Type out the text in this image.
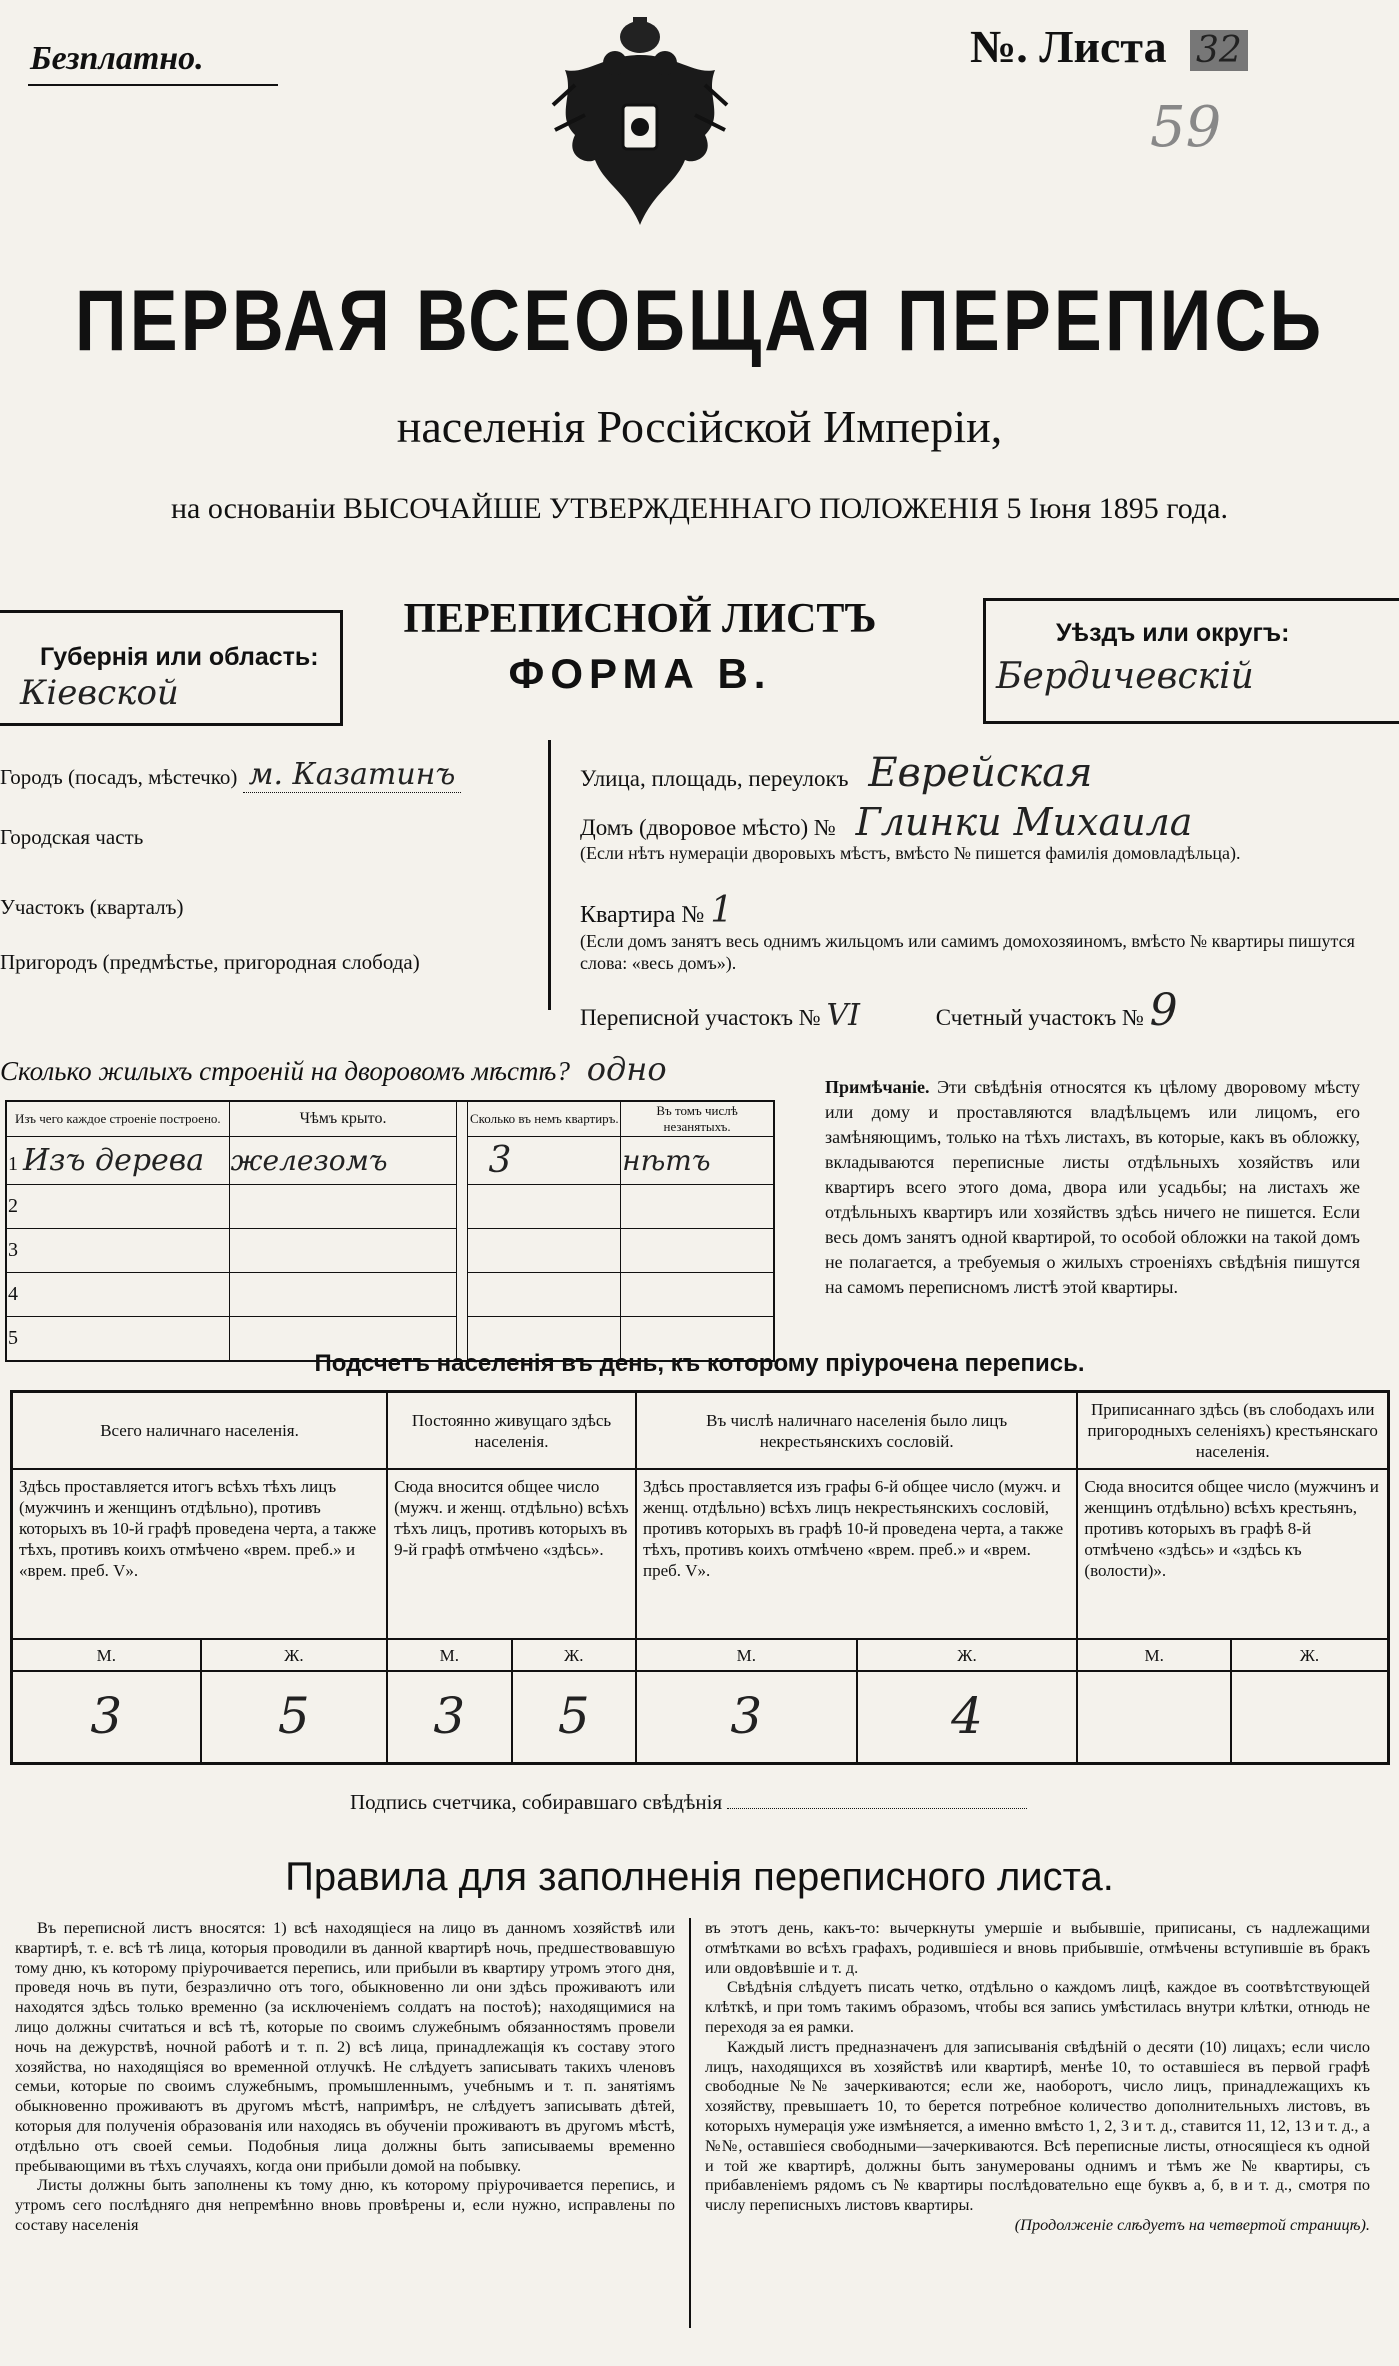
Безплатно.	№. Листа 32
59
ПЕРВАЯ ВСЕОБЩАЯ ПЕРЕПИСЬ
населенія Россійской Имперіи,
на основаніи ВЫСОЧАЙШЕ УТВЕРЖДЕННАГО ПОЛОЖЕНІЯ 5 Іюня 1895 года.
Губернія или область:
Кіевской
ПЕРЕПИСНОЙ ЛИСТЪ
ФОРМА В.
Уѣздъ или округъ:
Бердичевскій
Городъ (посадъ, мѣстечко) м. Казатинъ
Городская часть
Участокъ (кварталъ)
Пригородъ (предмѣстье, пригородная слобода)
Улица, площадь, переулокъ Еврейская
Домъ (дворовое мѣсто) № Глинки Михаила
(Если нѣтъ нумераціи дворовыхъ мѣстъ, вмѣсто № пишется фамилія домовладѣльца).
Квартира № 1
(Если домъ занятъ весь однимъ жильцомъ или самимъ домохозяиномъ, вмѣсто № квартиры пишутся слова: «весь домъ»).
Переписной участокъ № VI	Счетный участокъ № 9
Сколько жилыхъ строеній на дворовомъ мѣстѣ? одно
Изъ чего каждое строеніе построено.	Чѣмъ крыто.		Сколько въ немъ квартиръ.	Въ томъ числѣ незанятыхъ.
1 Изъ дерева	железомъ		3	нѣтъ
2				
3				
4				
5				
Примѣчаніе. Эти свѣдѣнія относятся къ цѣлому дворовому мѣсту или дому и проставляются владѣльцемъ или лицомъ, его замѣняющимъ, только на тѣхъ листахъ, въ которые, какъ въ обложку, вкладываются переписные листы отдѣльныхъ хозяйствъ или квартиръ всего этого дома, двора или усадьбы; на листахъ же отдѣльныхъ квартиръ или хозяйствъ здѣсь ничего не пишется. Если весь домъ занятъ одной квартирой, то особой обложки на такой домъ не полагается, а требуемыя о жилыхъ строеніяхъ свѣдѣнія пишутся на самомъ переписномъ листѣ этой квартиры.
Подсчетъ населенія въ день, къ которому пріурочена перепись.
Всего наличнаго населенія.		Постоянно живущаго здѣсь населенія.		Въ числѣ наличнаго населенія было лицъ некрестьянскихъ сословій.		Приписаннаго здѣсь (въ слободахъ или пригородныхъ селеніяхъ) крестьянскаго населенія.	
Здѣсь проставляется итогъ всѣхъ тѣхъ лицъ (мужчинъ и женщинъ отдѣльно), противъ которыхъ въ 10-й графѣ проведена черта, а также тѣхъ, противъ коихъ отмѣчено «врем. преб.» и «врем. преб. V».		Сюда вносится общее число (мужч. и женщ. отдѣльно) всѣхъ тѣхъ лицъ, противъ которыхъ въ 9-й графѣ отмѣчено «здѣсь».		Здѣсь проставляется изъ графы 6-й общее число (мужч. и женщ. отдѣльно) всѣхъ лицъ некрестьянскихъ сословій, противъ которыхъ въ графѣ 10-й проведена черта, а также тѣхъ, противъ коихъ отмѣчено «врем. преб.» и «врем. преб. V».		Сюда вносится общее число (мужчинъ и женщинъ отдѣльно) всѣхъ крестьянъ, противъ которыхъ въ графѣ 8-й отмѣчено «здѣсь» и «здѣсь къ (волости)».	
М.	Ж.	М.	Ж.	М.	Ж.	М.	Ж.
3	5	3	5	3	4		
Подпись счетчика, собиравшаго свѣдѣнія
Правила для заполненія переписного листа.

Въ переписной листъ вносятся: 1) всѣ находящіеся на лицо въ данномъ хозяйствѣ или квартирѣ, т. е. всѣ тѣ лица, которыя проводили въ данной квартирѣ ночь, предшествовавшую тому дню, къ которому пріурочивается перепись, или прибыли въ квартиру утромъ этого дня, проведя ночь въ пути, безразлично отъ того, обыкновенно ли они здѣсь проживаютъ или находятся здѣсь только временно (за исключеніемъ солдатъ на постоѣ); находящимися на лицо должны считаться и всѣ тѣ, которые по своимъ служебнымъ обязанностямъ провели ночь на дежурствѣ, ночной работѣ и т. п. 2) всѣ лица, принадлежащія къ составу этого хозяйства, но находящіяся во временной отлучкѣ. Не слѣдуетъ записывать такихъ членовъ семьи, которые по своимъ служебнымъ, промышленнымъ, учебнымъ и т. п. занятіямъ обыкновенно проживаютъ въ другомъ мѣстѣ, напримѣръ, не слѣдуетъ записывать дѣтей, которыя для полученія образованія или находясь въ обученіи проживаютъ въ другомъ мѣстѣ, отдѣльно отъ своей семьи. Подобныя лица должны быть записываемы временно пребывающими въ тѣхъ случаяхъ, когда они прибыли домой на побывку.

Листы должны быть заполнены къ тому дню, къ которому пріурочивается перепись, и утромъ сего послѣдняго дня непремѣнно вновь провѣрены и, если нужно, исправлены по составу населенія

въ этотъ день, какъ-то: вычеркнуты умершіе и выбывшіе, приписаны, съ надлежащими отмѣтками во всѣхъ графахъ, родившіеся и вновь прибывшіе, отмѣчены вступившіе въ бракъ или овдовѣвшіе и т. д.

Свѣдѣнія слѣдуетъ писать четко, отдѣльно о каждомъ лицѣ, каждое въ соотвѣтствующей клѣткѣ, и при томъ такимъ образомъ, чтобы вся запись умѣстилась внутри клѣтки, отнюдь не переходя за ея рамки.

Каждый листъ предназначенъ для записыванія свѣдѣній о десяти (10) лицахъ; если число лицъ, находящихся въ хозяйствѣ или квартирѣ, менѣе 10, то оставшіеся въ первой графѣ свободные №№ зачеркиваются; если же, наоборотъ, число лицъ, принадлежащихъ къ хозяйству, превышаетъ 10, то берется потребное количество дополнительныхъ листовъ, въ которыхъ нумерація уже измѣняется, а именно вмѣсто 1, 2, 3 и т. д., ставится 11, 12, 13 и т. д., а №№, оставшіеся свободными—зачеркиваются. Всѣ переписные листы, относящіеся къ одной и той же квартирѣ, должны быть занумерованы однимъ и тѣмъ же № квартиры, съ прибавленіемъ рядомъ съ № квартиры послѣдовательно еще буквъ а, б, в и т. д., смотря по числу переписныхъ листовъ квартиры.

(Продолженіе слѣдуетъ на четвертой страницѣ).
